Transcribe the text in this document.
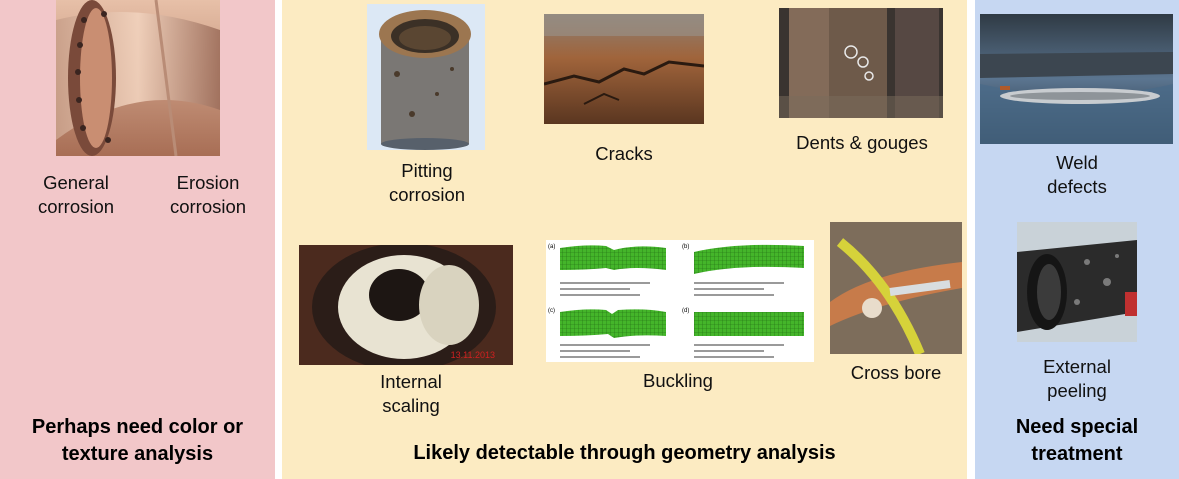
General
corrosion
Erosion
corrosion
Perhaps need color or
texture analysis
Pitting
corrosion
Cracks
Dents & gouges
13.11.2013
Internal
scaling
(a)	(b)
(c)	(d)
Buckling	Cross bore
Likely detectable through geometry analysis
Weld
defects
External
peeling
Need special
treatment
